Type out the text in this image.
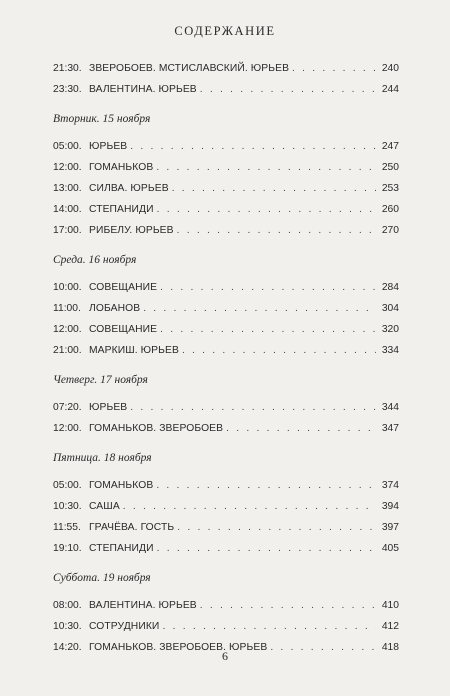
СОДЕРЖАНИЕ
21:30. ЗВЕРОБОЕВ. МСТИСЛАВСКИЙ. ЮРЬЕВ . . .	240
23:30. ВАЛЕНТИНА. ЮРЬЕВ . . .	244
Вторник. 15 ноября
05:00. ЮРЬЕВ . . .	247
12:00. ГОМАНЬКОВ . . .	250
13:00. СИЛВА. ЮРЬЕВ . . .	253
14:00. СТЕПАНИДИ . . .	260
17:00. РИБЕЛУ. ЮРЬЕВ . . .	270
Среда. 16 ноября
10:00. СОВЕЩАНИЕ . . .	284
11:00. ЛОБАНОВ . . .	304
12:00. СОВЕЩАНИЕ . . .	320
21:00. МАРКИШ. ЮРЬЕВ . . .	334
Четверг. 17 ноября
07:20. ЮРЬЕВ . . .	344
12:00. ГОМАНЬКОВ. ЗВЕРОБОЕВ . . .	347
Пятница. 18 ноября
05:00. ГОМАНЬКОВ . . .	374
10:30. САША . . .	394
11:55. ГРАЧЁВА. ГОСТЬ . . .	397
19:10. СТЕПАНИДИ . . .	405
Суббота. 19 ноября
08:00. ВАЛЕНТИНА. ЮРЬЕВ . . .	410
10:30. СОТРУДНИКИ . . .	412
14:20. ГОМАНЬКОВ. ЗВЕРОБОЕВ. ЮРЬЕВ . . .	418
6
